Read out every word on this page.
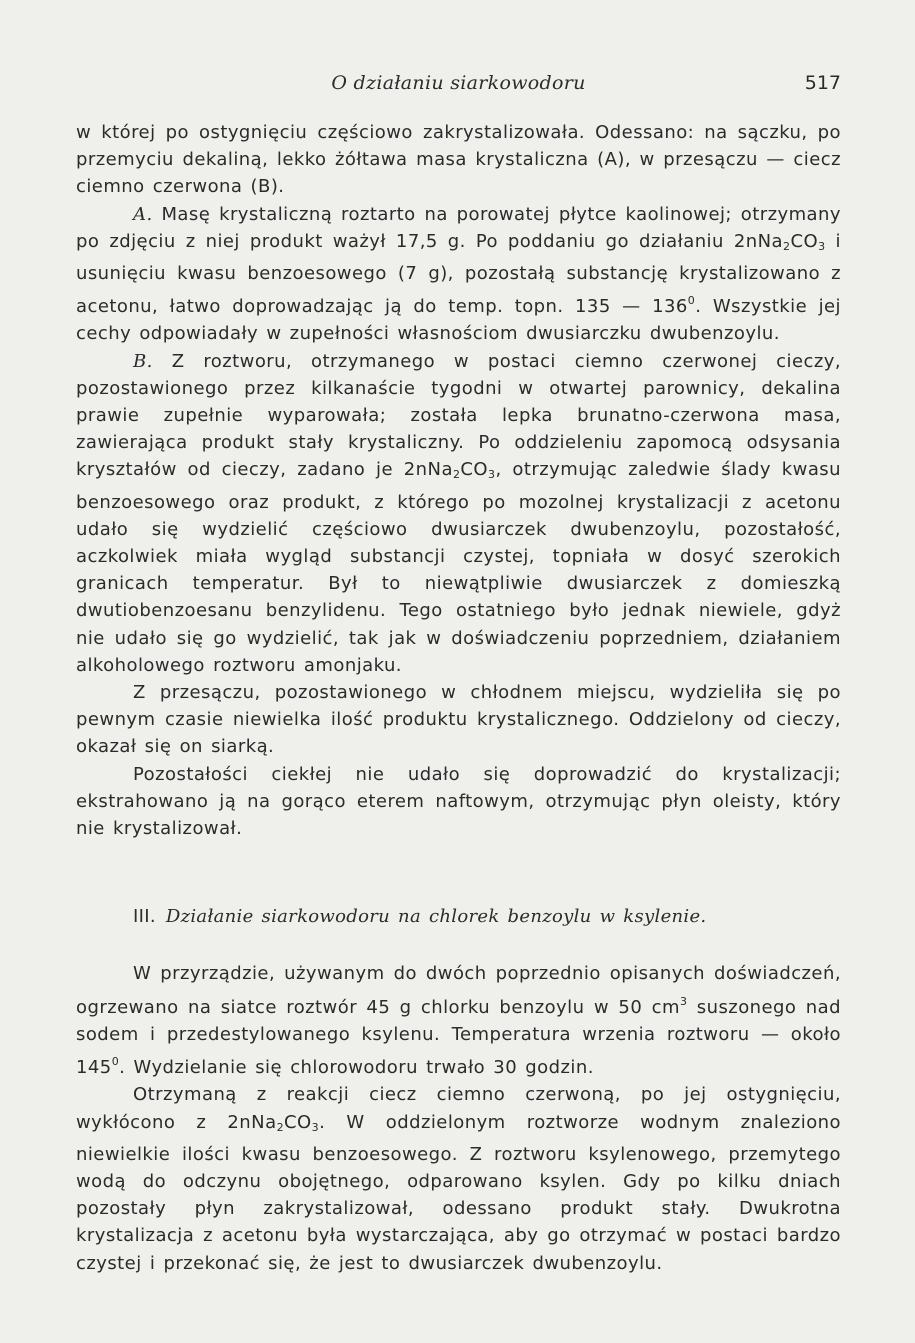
O działaniu siarkowodoru	517

w której po ostygnięciu częściowo zakrystalizowała. Odessano: na sączku, po przemyciu dekaliną, lekko żółtawa masa krystaliczna (A), w przesączu — ciecz ciemno czerwona (B).

A. Masę krystaliczną roztarto na porowatej płytce kaolinowej; otrzymany po zdjęciu z niej produkt ważył 17,5 g. Po poddaniu go działaniu $2nNa_2CO_3$ i usunięciu kwasu benzoesowego (7 g), pozostałą substancję krystalizowano z acetonu, łatwo doprowadzając ją do temp. topn. 135 — $136^0$. Wszystkie jej cechy odpowiadały w zupełności własnościom dwusiarczku dwubenzoylu.

B. Z roztworu, otrzymanego w postaci ciemno czerwonej cieczy, pozostawionego przez kilkanaście tygodni w otwartej parownicy, dekalina prawie zupełnie wyparowała; została lepka brunatno-czerwona masa, zawierająca produkt stały krystaliczny. Po oddzieleniu zapomocą odsysania kryształów od cieczy, zadano je $2nNa_2CO_3$, otrzymując zaledwie ślady kwasu benzoesowego oraz produkt, z którego po mozolnej krystalizacji z acetonu udało się wydzielić częściowo dwusiarczek dwubenzoylu, pozostałość, aczkolwiek miała wygląd substancji czystej, topniała w dosyć szerokich granicach temperatur. Był to niewątpliwie dwusiarczek z domieszką dwutiobenzoesanu benzylidenu. Tego ostatniego było jednak niewiele, gdyż nie udało się go wydzielić, tak jak w doświadczeniu poprzedniem, działaniem alkoholowego roztworu amonjaku.

Z przesączu, pozostawionego w chłodnem miejscu, wydzieliła się po pewnym czasie niewielka ilość produktu krystalicznego. Oddzielony od cieczy, okazał się on siarką.

Pozostałości ciekłej nie udało się doprowadzić do krystalizacji; ekstrahowano ją na gorąco eterem naftowym, otrzymując płyn oleisty, który nie krystalizował.

III. Działanie siarkowodoru na chlorek benzoylu w ksylenie.

W przyrządzie, używanym do dwóch poprzednio opisanych doświadczeń, ogrzewano na siatce roztwór 45 g chlorku benzoylu w 50 $cm^3$ suszonego nad sodem i przedestylowanego ksylenu. Temperatura wrzenia roztworu — około $145^0$. Wydzielanie się chlorowodoru trwało 30 godzin.

Otrzymaną z reakcji ciecz ciemno czerwoną, po jej ostygnięciu, wykłócono z $2nNa_2CO_3$. W oddzielonym roztworze wodnym znaleziono niewielkie ilości kwasu benzoesowego. Z roztworu ksylenowego, przemytego wodą do odczynu obojętnego, odparowano ksylen. Gdy po kilku dniach pozostały płyn zakrystalizował, odessano produkt stały. Dwukrotna krystalizacja z acetonu była wystarczająca, aby go otrzymać w postaci bardzo czystej i przekonać się, że jest to dwusiarczek dwubenzoylu.
